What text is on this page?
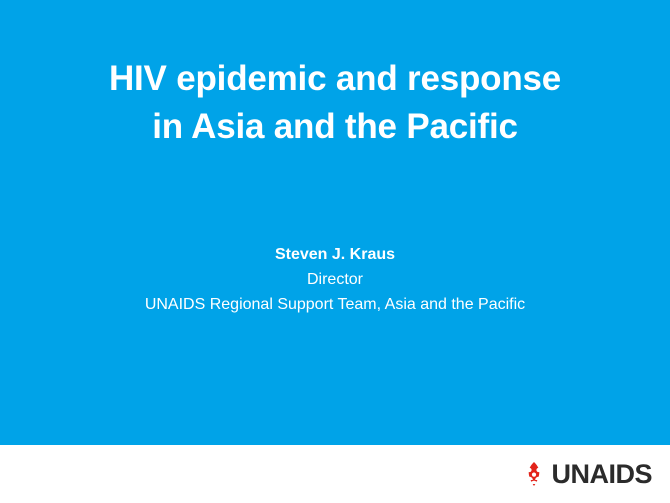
HIV epidemic and response
in Asia and the Pacific
Steven J. Kraus
Director
UNAIDS Regional Support Team, Asia and the Pacific
UNAIDS
